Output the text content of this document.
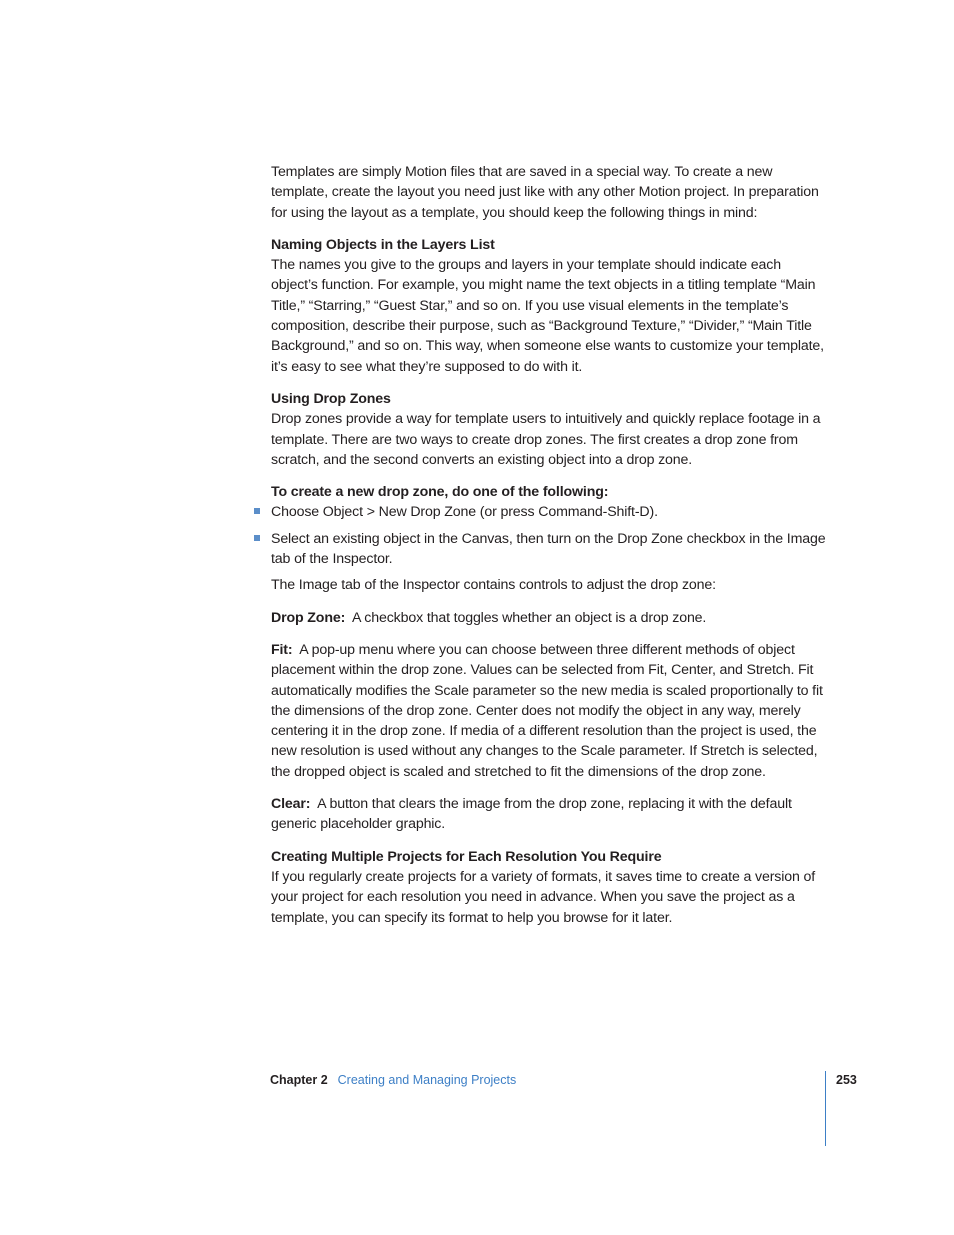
Templates are simply Motion files that are saved in a special way. To create a new template, create the layout you need just like with any other Motion project. In preparation for using the layout as a template, you should keep the following things in mind:

Naming Objects in the Layers List

The names you give to the groups and layers in your template should indicate each object’s function. For example, you might name the text objects in a titling template “Main Title,” “Starring,” “Guest Star,” and so on. If you use visual elements in the template’s composition, describe their purpose, such as “Background Texture,” “Divider,” “Main Title Background,” and so on. This way, when someone else wants to customize your template, it’s easy to see what they’re supposed to do with it.

Using Drop Zones

Drop zones provide a way for template users to intuitively and quickly replace footage in a template. There are two ways to create drop zones. The first creates a drop zone from scratch, and the second converts an existing object into a drop zone.

To create a new drop zone, do one of the following:

Choose Object > New Drop Zone (or press Command-Shift-D).
Select an existing object in the Canvas, then turn on the Drop Zone checkbox in the Image tab of the Inspector.

The Image tab of the Inspector contains controls to adjust the drop zone:

Drop Zone: A checkbox that toggles whether an object is a drop zone.

Fit: A pop-up menu where you can choose between three different methods of object placement within the drop zone. Values can be selected from Fit, Center, and Stretch. Fit automatically modifies the Scale parameter so the new media is scaled proportionally to fit the dimensions of the drop zone. Center does not modify the object in any way, merely centering it in the drop zone. If media of a different resolution than the project is used, the new resolution is used without any changes to the Scale parameter. If Stretch is selected, the dropped object is scaled and stretched to fit the dimensions of the drop zone.

Clear: A button that clears the image from the drop zone, replacing it with the default generic placeholder graphic.

Creating Multiple Projects for Each Resolution You Require

If you regularly create projects for a variety of formats, it saves time to create a version of your project for each resolution you need in advance. When you save the project as a template, you can specify its format to help you browse for it later.

Chapter 2 Creating and Managing Projects	253
